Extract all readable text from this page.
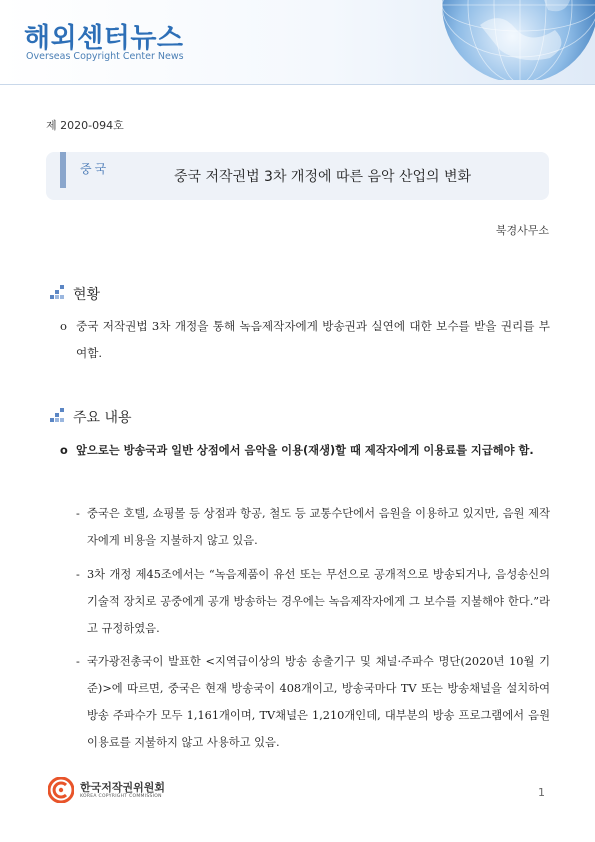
해외센터뉴스
Overseas Copyright Center News
제 2020-094호
중국	중국 저작권법 3차 개정에 따른 음악 산업의 변화
북경사무소
현황
o 중국 저작권법 3차 개정을 통해 녹음제작자에게 방송권과 실연에 대한 보수를 받을 권리를 부여함.
주요 내용
o 앞으로는 방송국과 일반 상점에서 음악을 이용(재생)할 때 제작자에게 이용료를 지급해야 함.
- 중국은 호텔, 쇼핑몰 등 상점과 항공, 철도 등 교통수단에서 음원을 이용하고 있지만, 음원 제작자에게 비용을 지불하지 않고 있음.
- 3차 개정 제45조에서는 “녹음제품이 유선 또는 무선으로 공개적으로 방송되거나, 음성송신의 기술적 장치로 공중에게 공개 방송하는 경우에는 녹음제작자에게 그 보수를 지불해야 한다.”라고 규정하였음.
- 국가광전총국이 발표한 <지역급이상의 방송 송출기구 및 채널·주파수 명단(2020년 10월 기준)>에 따르면, 중국은 현재 방송국이 408개이고, 방송국마다 TV 또는 방송채널을 설치하여 방송 주파수가 모두 1,161개이며, TV채널은 1,210개인데, 대부분의 방송 프로그램에서 음원 이용료를 지불하지 않고 사용하고 있음.
한국저작권위원회
KOREA COPYRIGHT COMMISSION	1
